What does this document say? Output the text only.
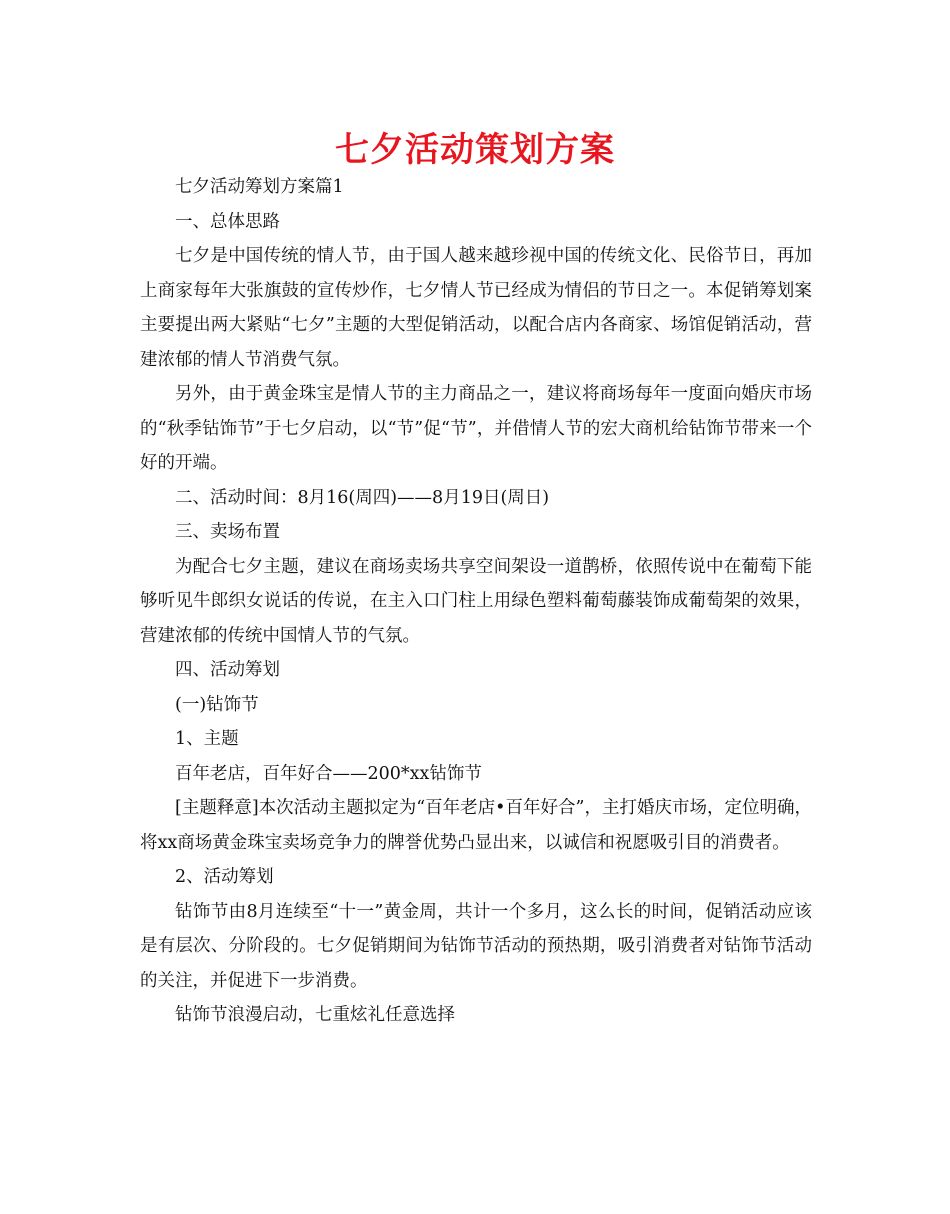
七夕活动策划方案

七夕活动筹划方案篇1

一、总体思路

七夕是中国传统的情人节，由于国人越来越珍视中国的传统文化、民俗节日，再加上商家每年大张旗鼓的宣传炒作，七夕情人节已经成为情侣的节日之一。本促销筹划案主要提出两大紧贴“七夕”主题的大型促销活动，以配合店内各商家、场馆促销活动，营建浓郁的情人节消费气氛。

另外，由于黄金珠宝是情人节的主力商品之一，建议将商场每年一度面向婚庆市场的“秋季钻饰节”于七夕启动，以“节”促“节”，并借情人节的宏大商机给钻饰节带来一个好的开端。

二、活动时间：8月16(周四)——8月19日(周日)

三、卖场布置

为配合七夕主题，建议在商场卖场共享空间架设一道鹊桥，依照传说中在葡萄下能够听见牛郎织女说话的传说，在主入口门柱上用绿色塑料葡萄藤装饰成葡萄架的效果，营建浓郁的传统中国情人节的气氛。

四、活动筹划

(一)钻饰节

1、主题

百年老店，百年好合——200*xx钻饰节

[主题释意]本次活动主题拟定为“百年老店•百年好合”，主打婚庆市场，定位明确，将xx商场黄金珠宝卖场竞争力的牌誉优势凸显出来，以诚信和祝愿吸引目的消费者。

2、活动筹划

钻饰节由8月连续至“十一”黄金周，共计一个多月，这么长的时间，促销活动应该是有层次、分阶段的。七夕促销期间为钻饰节活动的预热期，吸引消费者对钻饰节活动的关注，并促进下一步消费。

钻饰节浪漫启动，七重炫礼任意选择
